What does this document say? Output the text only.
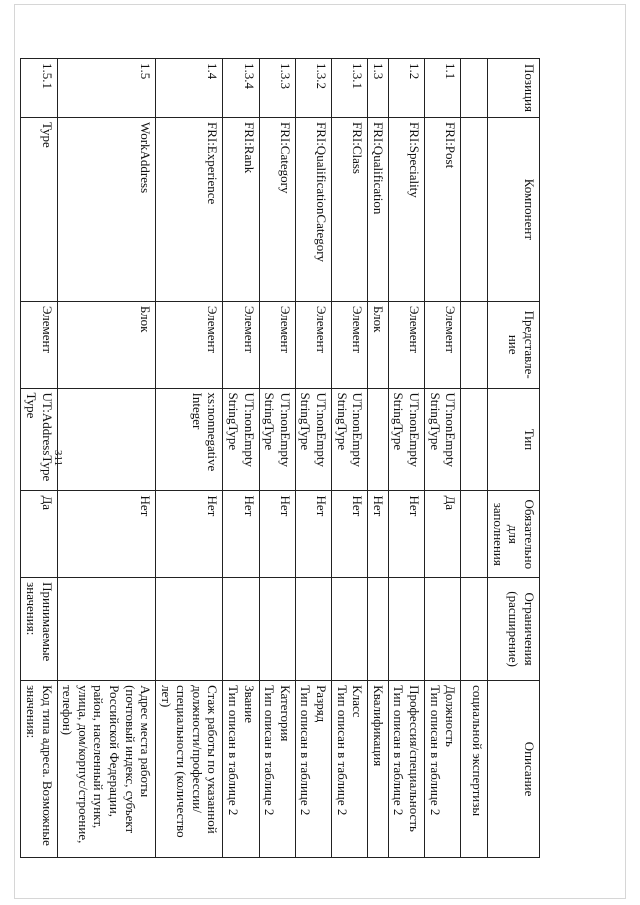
311
Позиция	Компонент	Представле-ние	Тип	Обязательно для заполнения	Ограничения (расширение)	Описание
						социальной экспертизы
1.1	FRI:Post	Элемент	UT:nonEmpty StringType	Да		Должность
Тип описан в таблице 2

1.2	FRI:Speciality	Элемент	UT:nonEmpty StringType	Нет		Профессия/специальность
Тип описан в таблице 2

1.3	FRI:Qualification	Блок		Нет		Квалификация

1.3.1	FRI:Class	Элемент	UT:nonEmpty StringType	Нет		Класс
Тип описан в таблице 2

1.3.2	FRI:QualificationCategory	Элемент	UT:nonEmpty StringType	Нет		Разряд
Тип описан в таблице 2

1.3.3	FRI:Category	Элемент	UT:nonEmpty StringType	Нет		Категория
Тип описан в таблице 2

1.3.4	FRI:Rank	Элемент	UT:nonEmpty StringType	Нет		Звание
Тип описан в таблице 2

1.4	FRI:Experience	Элемент	xs:nonnegative Integer	Нет		Стаж работы по указанной должности/профессии/специальности (количество лет)

1.5	WorkAddress	Блок		Нет		Адрес места работы (почтовый индекс, субъект Российской Федерации, район, населенный пункт, улица, дом/корпус/строение, телефон)

1.5.1	Type	Элемент	UT:AddressType Type	Да	Принимаемые значения:	Код типа адреса. Возможные значения:
